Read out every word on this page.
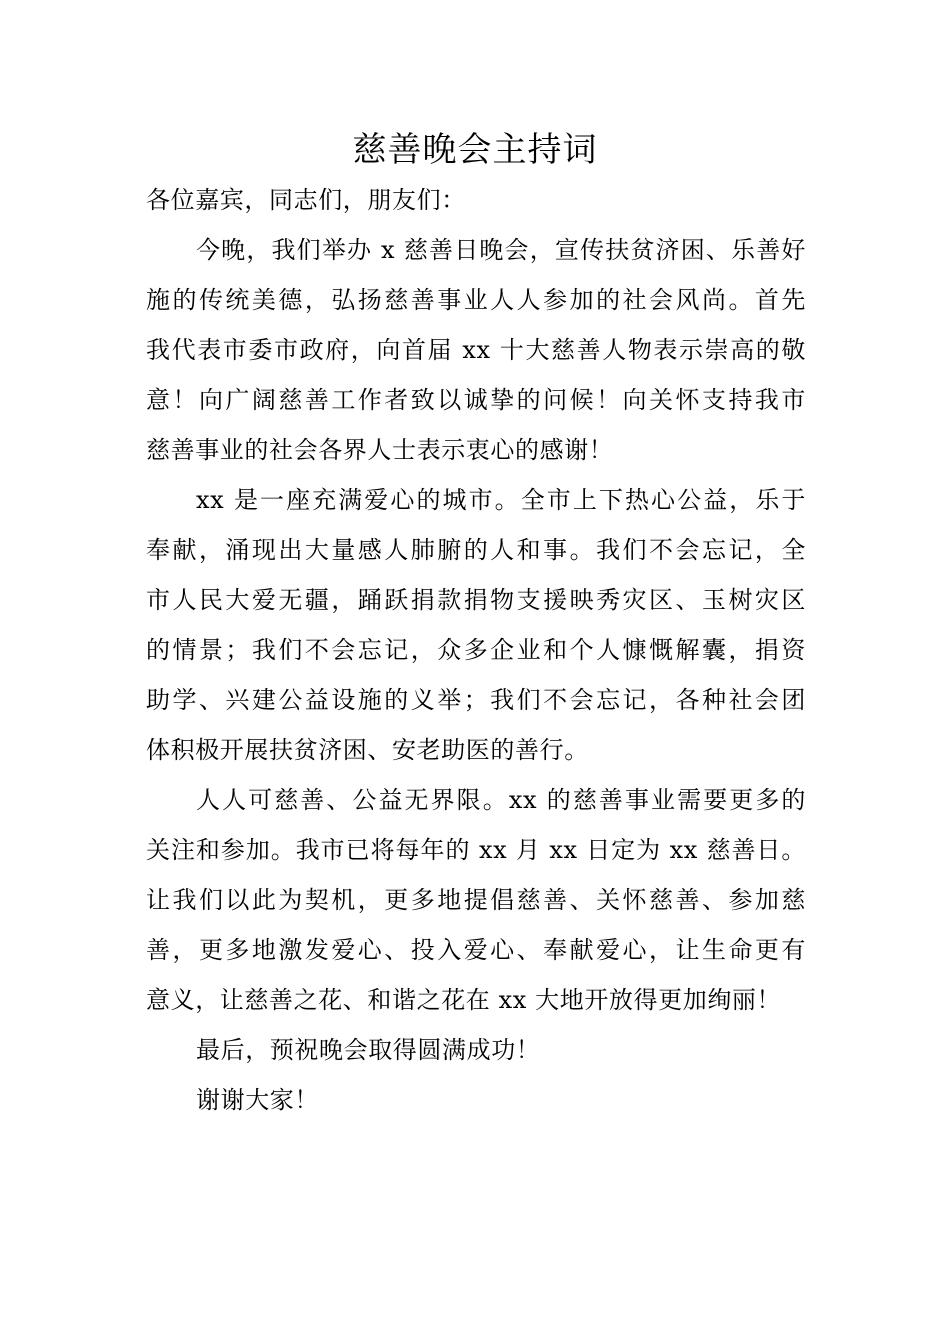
慈善晚会主持词
各位嘉宾，同志们，朋友们：
今晚，我们举办 x 慈善日晚会，宣传扶贫济困、乐善好
施的传统美德，弘扬慈善事业人人参加的社会风尚。首先
我代表市委市政府，向首届 xx 十大慈善人物表示崇高的敬
意！向广阔慈善工作者致以诚挚的问候！向关怀支持我市
慈善事业的社会各界人士表示衷心的感谢！
xx 是一座充满爱心的城市。全市上下热心公益，乐于
奉献，涌现出大量感人肺腑的人和事。我们不会忘记，全
市人民大爱无疆，踊跃捐款捐物支援映秀灾区、玉树灾区
的情景；我们不会忘记，众多企业和个人慷慨解囊，捐资
助学、兴建公益设施的义举；我们不会忘记，各种社会团
体积极开展扶贫济困、安老助医的善行。
人人可慈善、公益无界限。xx 的慈善事业需要更多的
关注和参加。我市已将每年的 xx 月 xx 日定为 xx 慈善日。
让我们以此为契机，更多地提倡慈善、关怀慈善、参加慈
善，更多地激发爱心、投入爱心、奉献爱心，让生命更有
意义，让慈善之花、和谐之花在 xx 大地开放得更加绚丽！
最后，预祝晚会取得圆满成功！
谢谢大家！
